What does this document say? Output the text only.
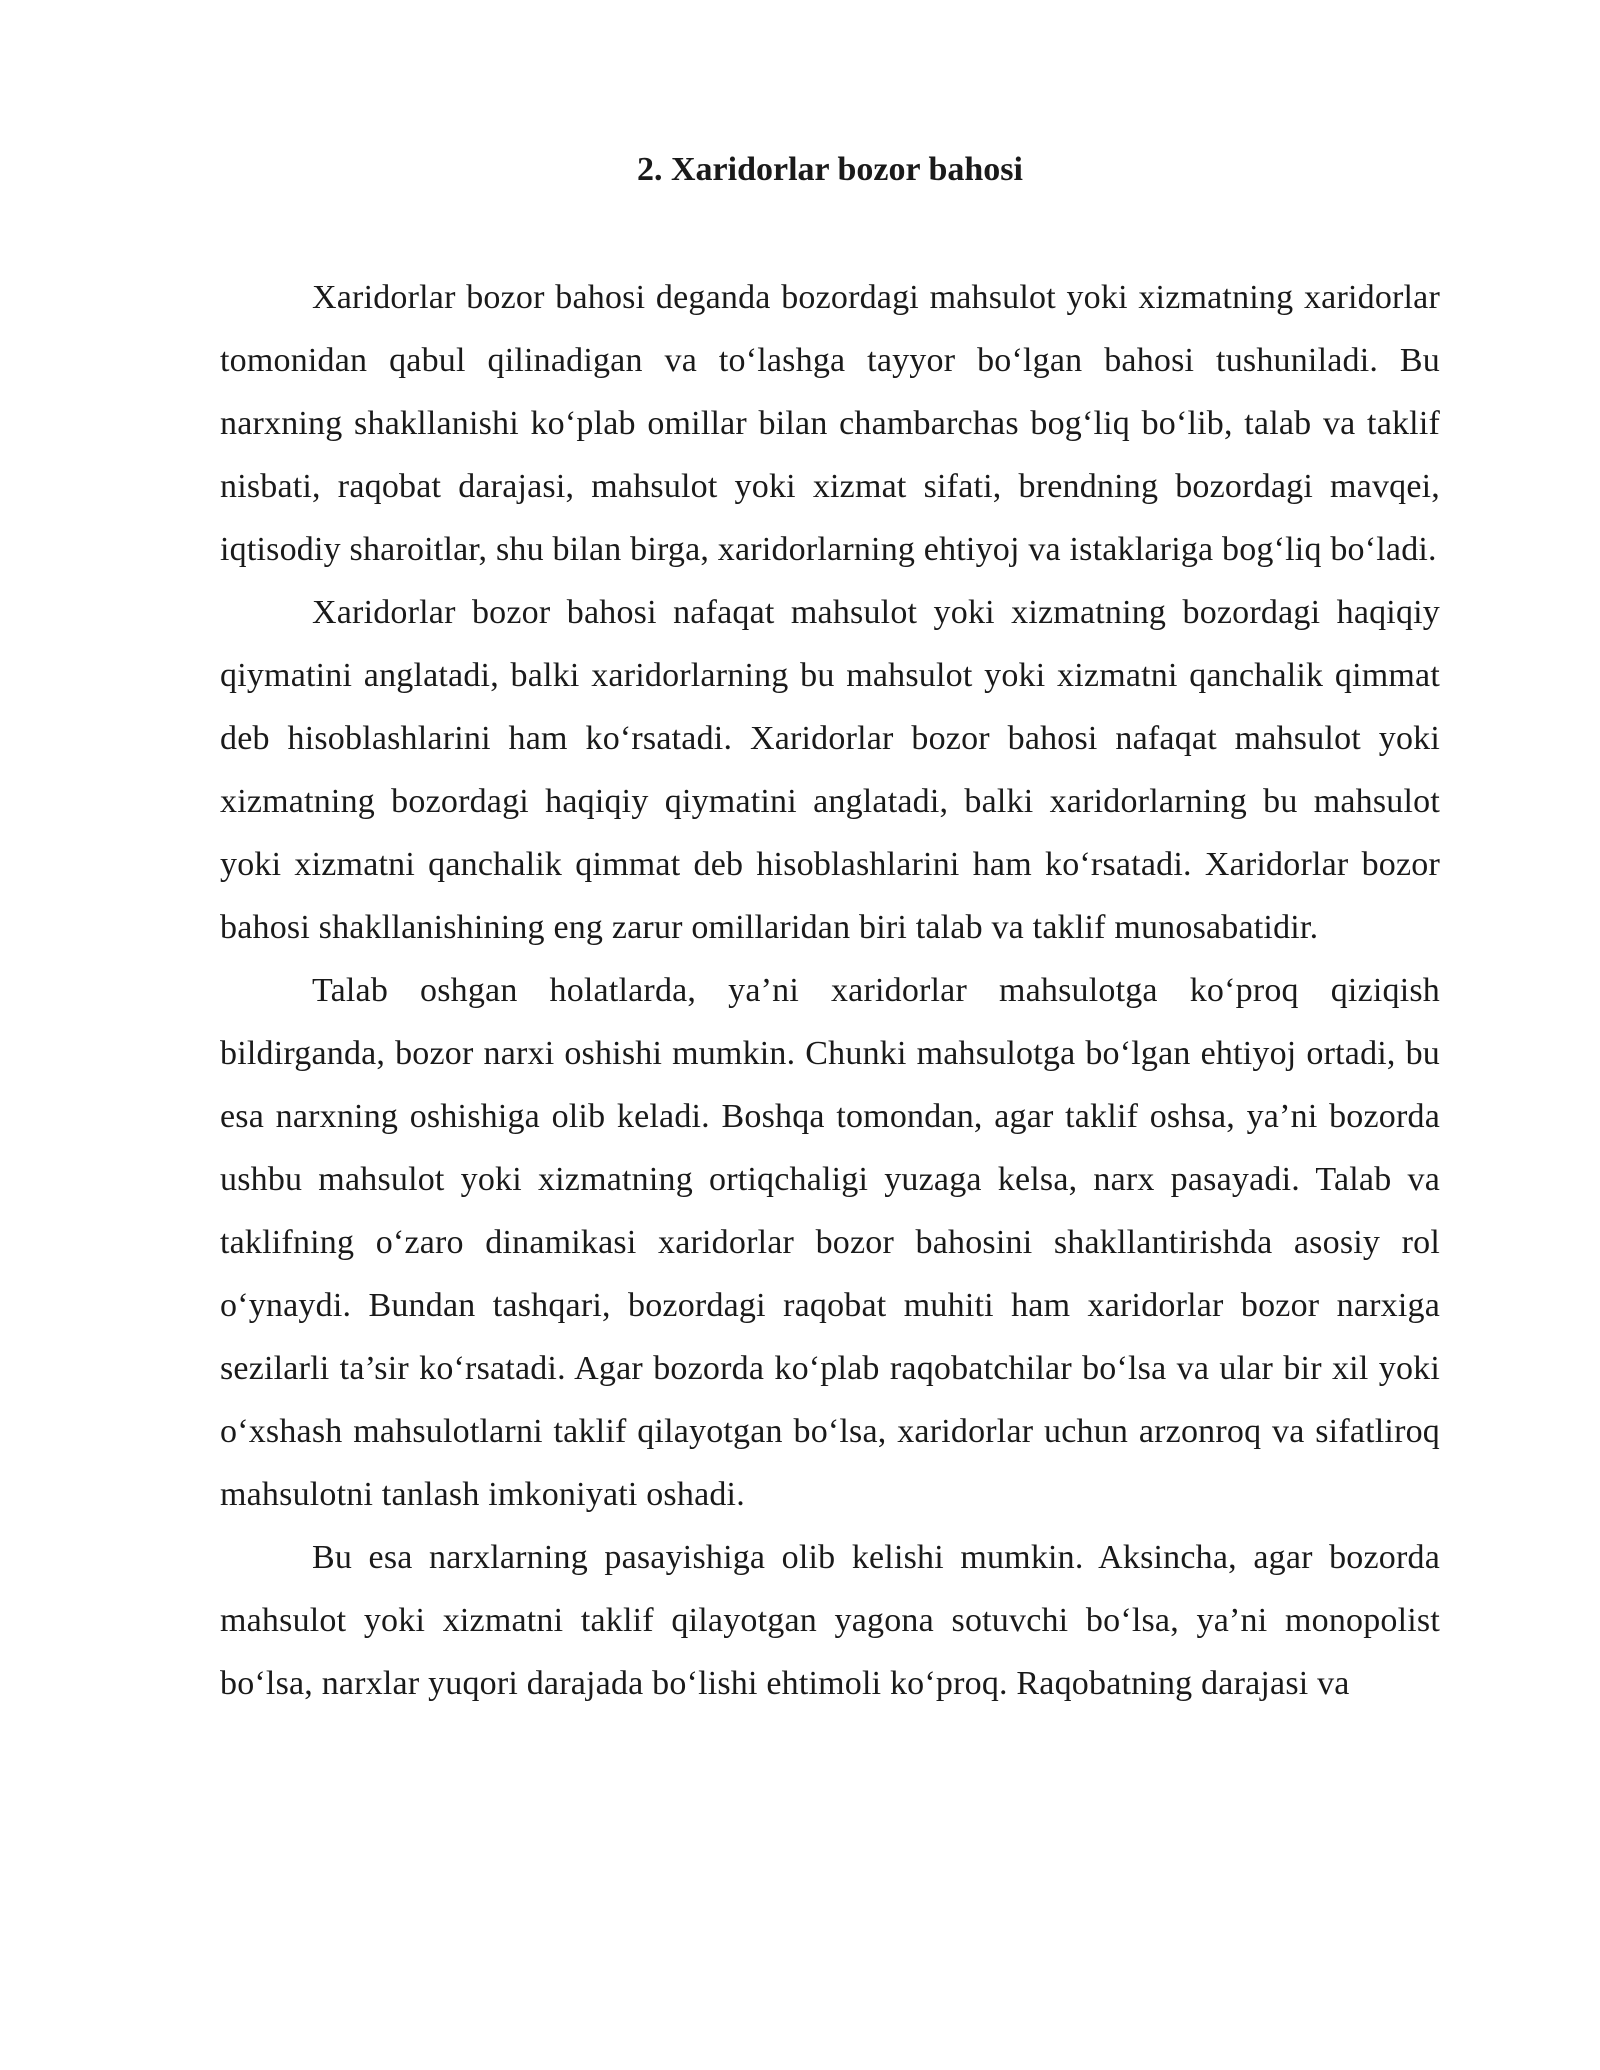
2. Xaridorlar bozor bahosi

Xaridorlar bozor bahosi deganda bozordagi mahsulot yoki xizmatning xaridorlar tomonidan qabul qilinadigan va to‘lashga tayyor bo‘lgan bahosi tushuniladi. Bu narxning shakllanishi ko‘plab omillar bilan chambarchas bog‘liq bo‘lib, talab va taklif nisbati, raqobat darajasi, mahsulot yoki xizmat sifati, brendning bozordagi mavqei, iqtisodiy sharoitlar, shu bilan birga, xaridorlarning ehtiyoj va istaklariga bog‘liq bo‘ladi.

Xaridorlar bozor bahosi nafaqat mahsulot yoki xizmatning bozordagi haqiqiy qiymatini anglatadi, balki xaridorlarning bu mahsulot yoki xizmatni qanchalik qimmat deb hisoblashlarini ham ko‘rsatadi. Xaridorlar bozor bahosi nafaqat mahsulot yoki xizmatning bozordagi haqiqiy qiymatini anglatadi, balki xaridorlarning bu mahsulot yoki xizmatni qanchalik qimmat deb hisoblashlarini ham ko‘rsatadi. Xaridorlar bozor bahosi shakllanishining eng zarur omillaridan biri talab va taklif munosabatidir.

Talab oshgan holatlarda, ya’ni xaridorlar mahsulotga ko‘proq qiziqish bildirganda, bozor narxi oshishi mumkin. Chunki mahsulotga bo‘lgan ehtiyoj ortadi, bu esa narxning oshishiga olib keladi. Boshqa tomondan, agar taklif oshsa, ya’ni bozorda ushbu mahsulot yoki xizmatning ortiqchaligi yuzaga kelsa, narx pasayadi. Talab va taklifning o‘zaro dinamikasi xaridorlar bozor bahosini shakllantirishda asosiy rol o‘ynaydi. Bundan tashqari, bozordagi raqobat muhiti ham xaridorlar bozor narxiga sezilarli ta’sir ko‘rsatadi. Agar bozorda ko‘plab raqobatchilar bo‘lsa va ular bir xil yoki o‘xshash mahsulotlarni taklif qilayotgan bo‘lsa, xaridorlar uchun arzonroq va sifatliroq mahsulotni tanlash imkoniyati oshadi.

Bu esa narxlarning pasayishiga olib kelishi mumkin. Aksincha, agar bozorda mahsulot yoki xizmatni taklif qilayotgan yagona sotuvchi bo‘lsa, ya’ni monopolist bo‘lsa, narxlar yuqori darajada bo‘lishi ehtimoli ko‘proq. Raqobatning darajasi va
